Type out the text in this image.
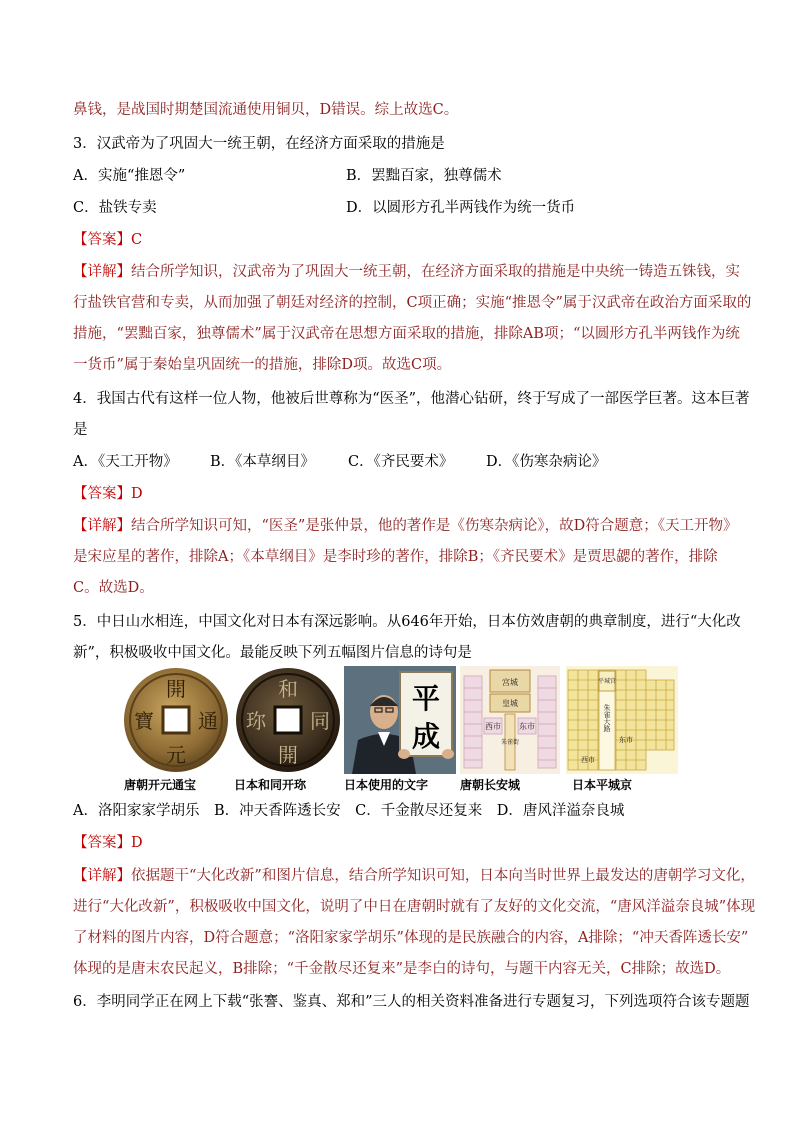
鼻钱，是战国时期楚国流通使用铜贝，D错误。综上故选C。
3．汉武帝为了巩固大一统王朝，在经济方面采取的措施是
A．实施“推恩令”	B．罢黜百家，独尊儒术
C．盐铁专卖	D．以圆形方孔半两钱作为统一货币
【答案】C
【详解】结合所学知识，汉武帝为了巩固大一统王朝，在经济方面采取的措施是中央统一铸造五铢钱，实
行盐铁官营和专卖，从而加强了朝廷对经济的控制，C项正确；实施“推恩令”属于汉武帝在政治方面采取的
措施，“罢黜百家，独尊儒术”属于汉武帝在思想方面采取的措施，排除AB项；“以圆形方孔半两钱作为统
一货币”属于秦始皇巩固统一的措施，排除D项。故选C项。
4．我国古代有这样一位人物，他被后世尊称为“医圣”，他潜心钻研，终于写成了一部医学巨著。这本巨著
是
A．《天工开物》 B．《本草纲目》 C．《齐民要术》 D．《伤寒杂病论》
【答案】D
【详解】结合所学知识可知，“医圣”是张仲景，他的著作是《伤寒杂病论》，故D符合题意；《天工开物》
是宋应星的著作，排除A；《本草纲目》是李时珍的著作，排除B；《齐民要术》是贾思勰的著作，排除
C。故选D。
5．中日山水相连，中国文化对日本有深远影响。从646年开始，日本仿效唐朝的典章制度，进行“大化改
新”，积极吸收中国文化。最能反映下列五幅图片信息的诗句是
開
元
通
寶
唐朝开元通宝
和
開
同
珎
日本和同开珎
平
成
日本使用的文字
宫城
皇城
西市 东市
朱雀街
唐朝长安城
平城宫
朱雀大路
西市
东市
日本平城京
A．洛阳家家学胡乐　B．冲天香阵透长安　C．千金散尽还复来　D．唐风洋溢奈良城
【答案】D
【详解】依据题干“大化改新”和图片信息，结合所学知识可知，日本向当时世界上最发达的唐朝学习文化，
进行“大化改新”，积极吸收中国文化，说明了中日在唐朝时就有了友好的文化交流，“唐风洋溢奈良城”体现
了材料的图片内容，D符合题意；“洛阳家家学胡乐”体现的是民族融合的内容，A排除；“冲天香阵透长安”
体现的是唐末农民起义，B排除；“千金散尽还复来”是李白的诗句，与题干内容无关，C排除；故选D。
6．李明同学正在网上下载“张謇、鉴真、郑和”三人的相关资料准备进行专题复习，下列选项符合该专题题
